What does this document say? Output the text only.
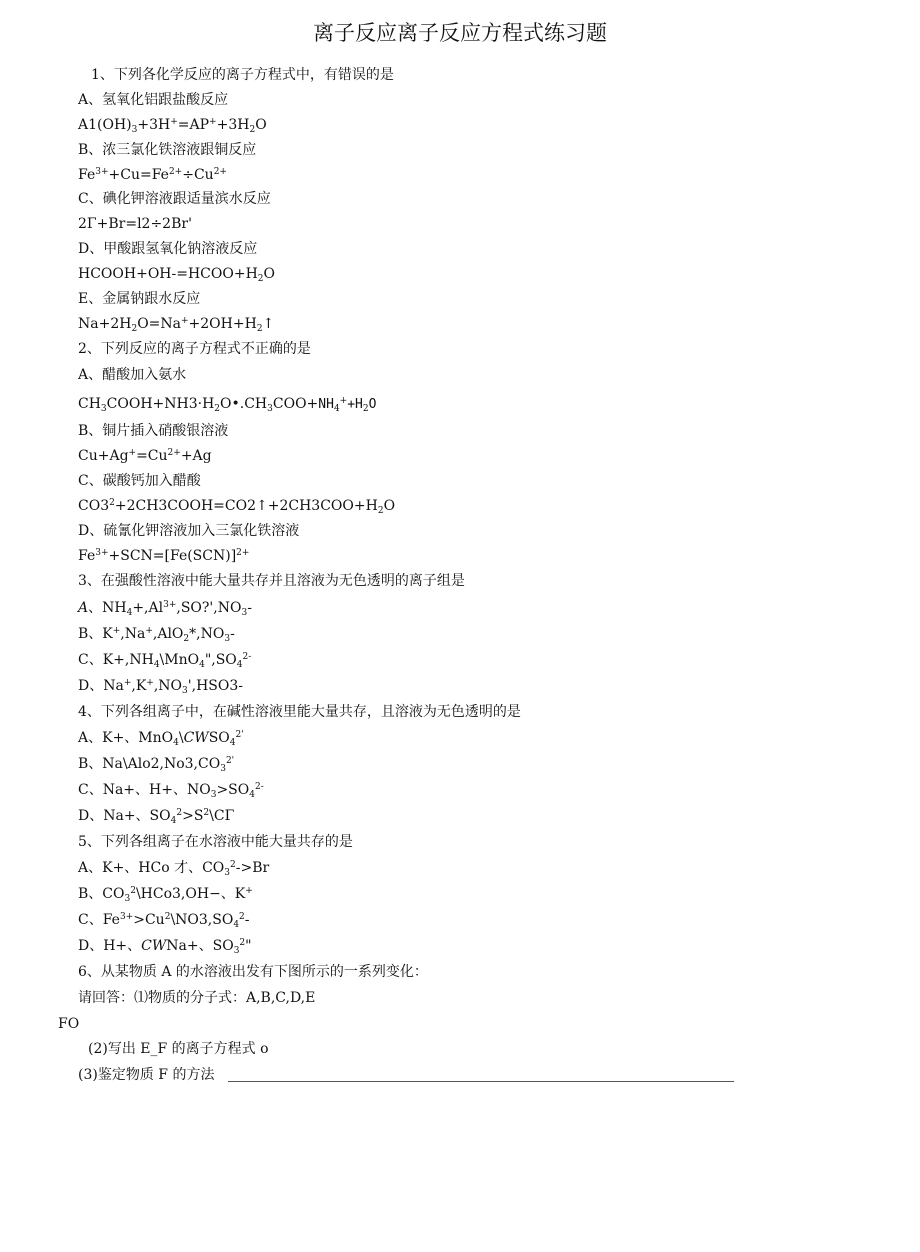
离子反应离子反应方程式练习题
1、下列各化学反应的离子方程式中，有错误的是
A、氢氧化铝跟盐酸反应
$A1(OH)_3+3H^+=AP^++3H_2O$
B、浓三氯化铁溶液跟铜反应
$Fe^{3+}+Cu=Fe^{2+}\div Cu^{2+}$
C、碘化钾溶液跟适量滨水反应
2Γ+Br=l2÷2Br'
D、甲酸跟氢氧化钠溶液反应
$HCOOH+OH-=HCOO+H_2O$
E、金属钠跟水反应
$Na+2H_2O=Na^++2OH+H_2↑$
2、下列反应的离子方程式不正确的是
A、醋酸加入氨水
$CH_3COOH+NH3\cdot H_2O•.CH_3COO+NH_4^++H_2O$
B、铜片插入硝酸银溶液
$Cu+Ag^+=Cu^{2+}+Ag$
C、碳酸钙加入醋酸
$CO3^2+2CH3COOH=CO2↑+2CH3COO+H_2O$
D、硫氰化钾溶液加入三氯化铁溶液
$Fe^{3+}+SCN=[Fe(SCN)]^{2+}$
3、在强酸性溶液中能大量共存并且溶液为无色透明的离子组是
A、$NH_4+,Al^{3+},SO?',NO_3-$
B、$K^+,Na^+,AlO_2*,NO_3-$
C、$K+,NH_4\backslash MnO_4",SO_4^{2-}$
D、$Na^+,K^+,NO_3',HSO3-$
4、下列各组离子中，在碱性溶液里能大量共存，且溶液为无色透明的是
A、K+、$MnO_4\backslash CWSO_4^{2'}$
B、$Na\backslash Alo2,No3,CO_3^{2'}$
C、Na+、H+、$NO_3>SO_4^{2-}$
D、Na+、$SO_4^2>S^2\backslash C\Gamma$
5、下列各组离子在水溶液中能大量共存的是
A、K+、HCo 才、$CO_3^2->Br$
B、$CO_3^2\backslash HCo3,OH-$、K+
C、$Fe^{3+}>Cu^2\backslash NO3,SO_4^2-$
D、H+、CWNa+、$SO_3^2$"
6、从某物质 A 的水溶液出发有下图所示的一系列变化：
请回答：⑴物质的分子式：A,B,C,D,E
FO
(2)写出 E_F 的离子方程式 o
(3)鉴定物质 F 的方法
